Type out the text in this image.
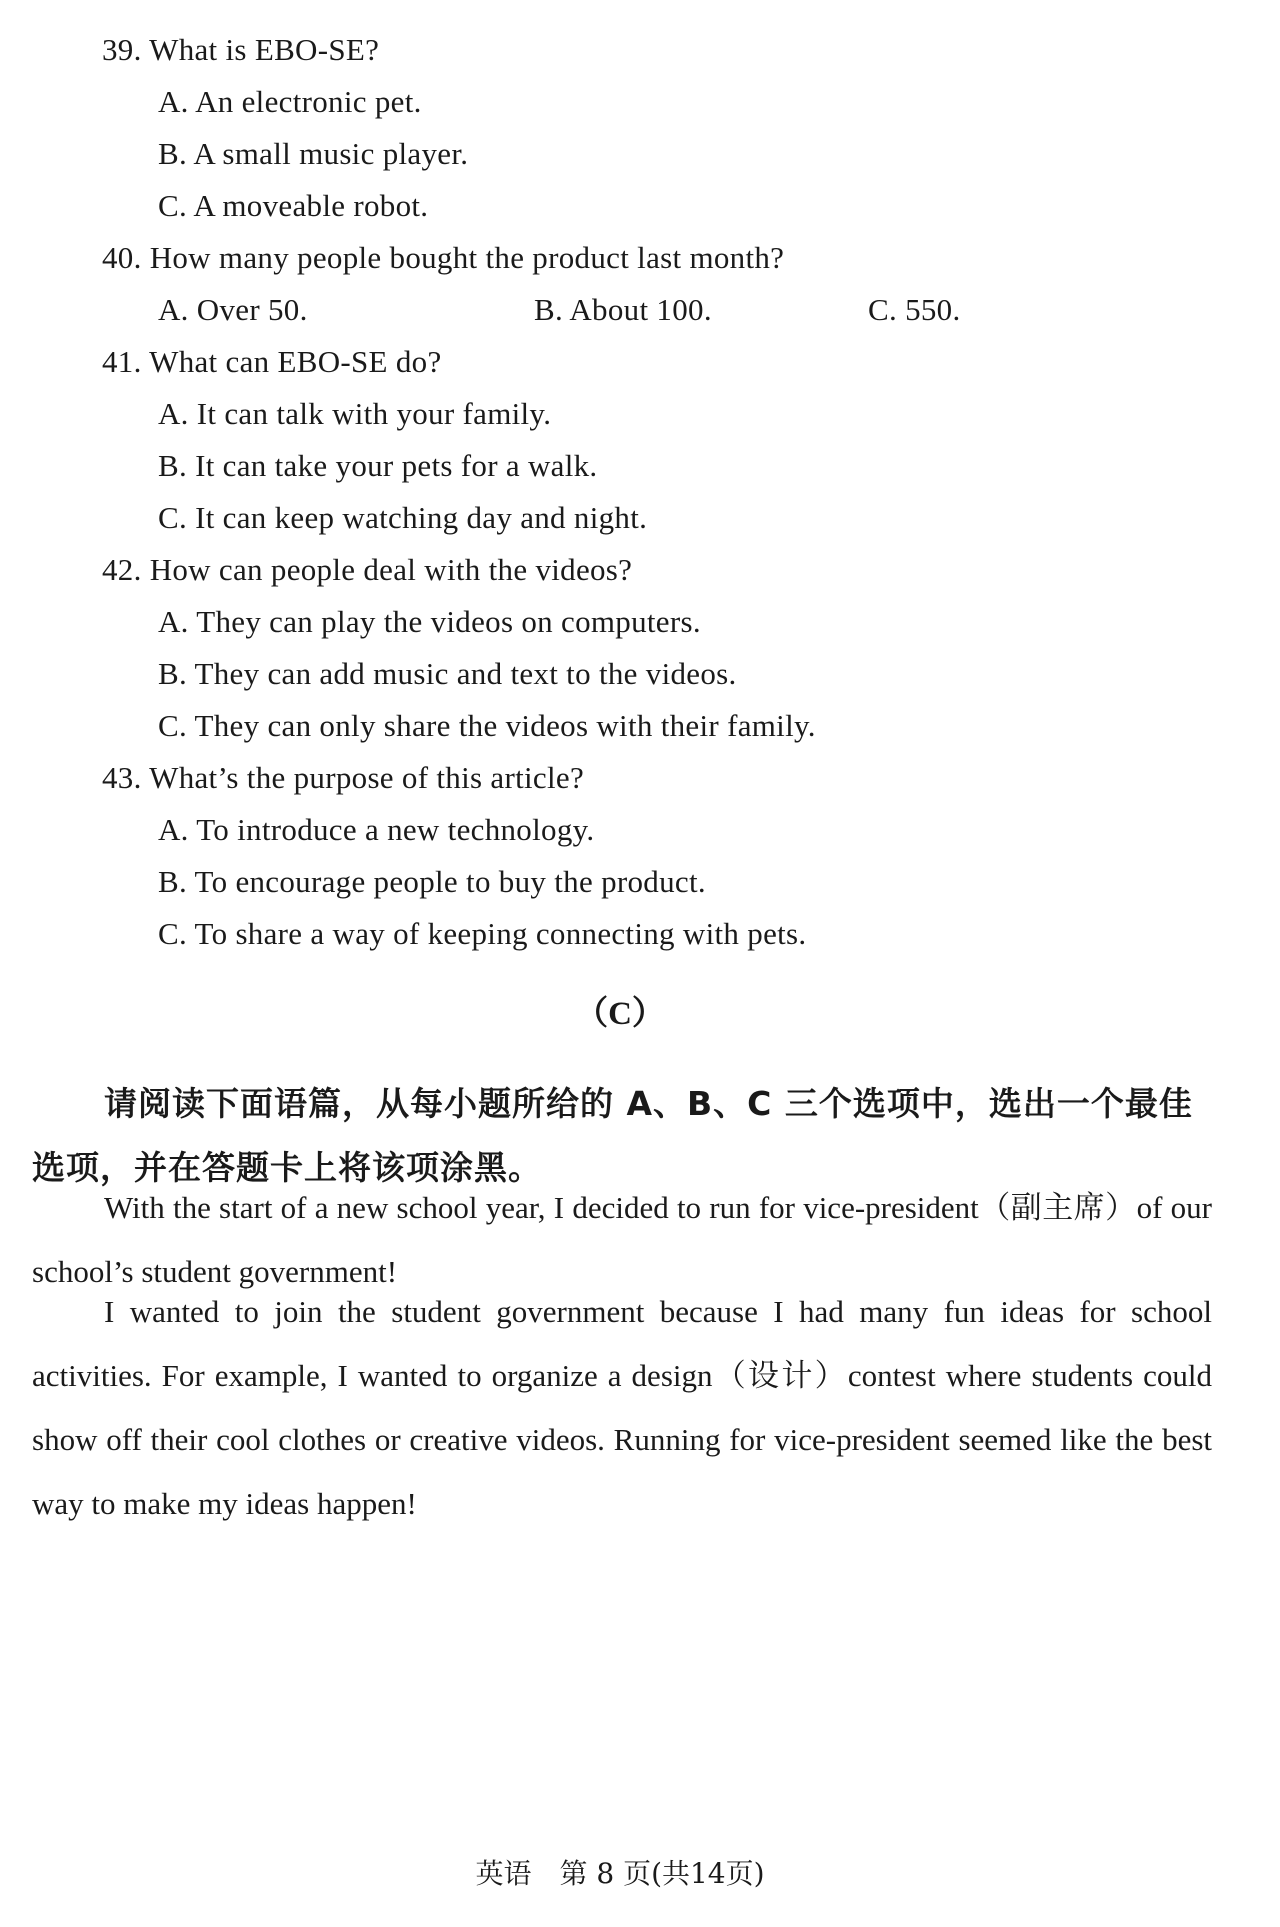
39. What is EBO-SE?
A. An electronic pet.
B. A small music player.
C. A moveable robot.
40. How many people bought the product last month?
A. Over 50.	B. About 100.	C. 550.
41. What can EBO-SE do?
A. It can talk with your family.
B. It can take your pets for a walk.
C. It can keep watching day and night.
42. How can people deal with the videos?
A. They can play the videos on computers.
B. They can add music and text to the videos.
C. They can only share the videos with their family.
43. What’s the purpose of this article?
A. To introduce a new technology.
B. To encourage people to buy the product.
C. To share a way of keeping connecting with pets.
（C）
请阅读下面语篇，从每小题所给的 A、B、C 三个选项中，选出一个最佳选项，并在答题卡上将该项涂黑。
With the start of a new school year, I decided to run for vice-president（副主席）of our school’s student government!
I wanted to join the student government because I had many fun ideas for school activities. For example, I wanted to organize a design（设计）contest where students could show off their cool clothes or creative videos. Running for vice-president seemed like the best way to make my ideas happen!
英语　第 8 页(共14页)
